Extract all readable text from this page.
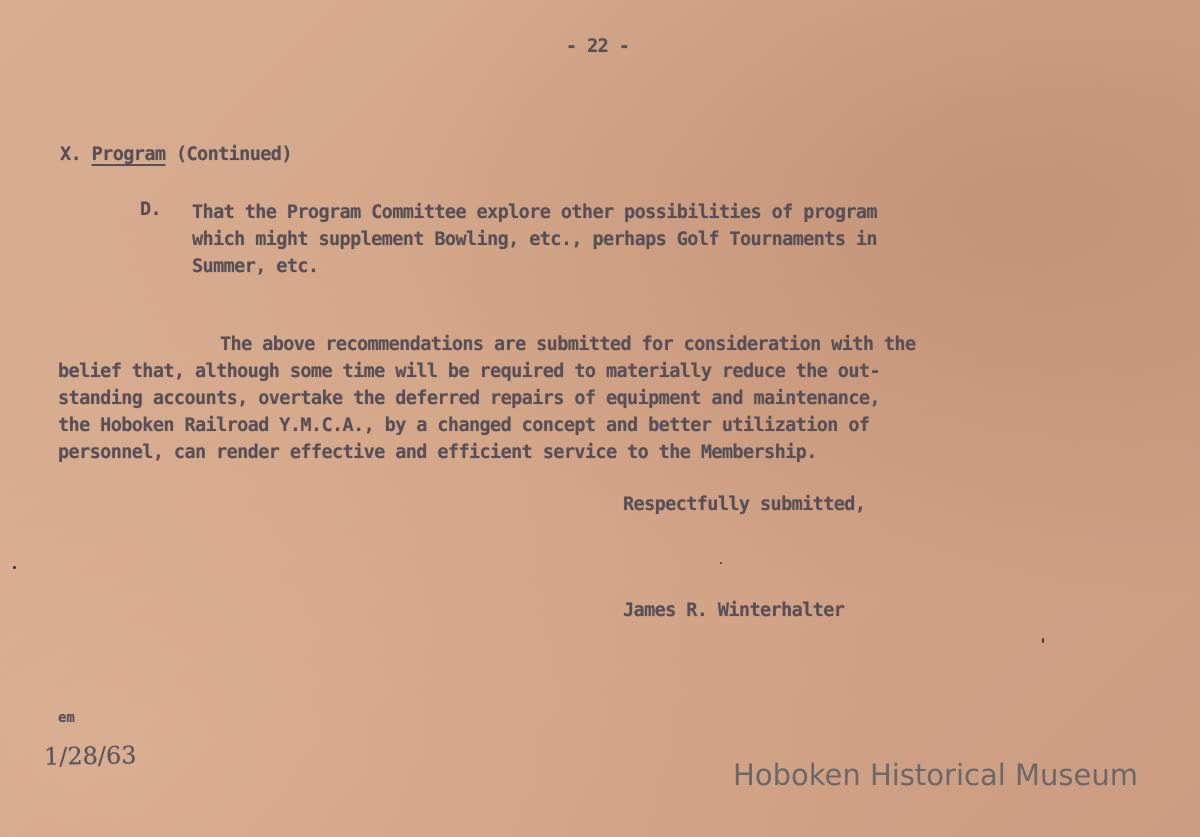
- 22 -
X. Program (Continued)
D. That the Program Committee explore other possibilities of program
which might supplement Bowling, etc., perhaps Golf Tournaments in
Summer, etc.
The above recommendations are submitted for consideration with the
belief that, although some time will be required to materially reduce the out-
standing accounts, overtake the deferred repairs of equipment and maintenance,
the Hoboken Railroad Y.M.C.A., by a changed concept and better utilization of
personnel, can render effective and efficient service to the Membership.
Respectfully submitted,
James R. Winterhalter
em
1/28/63
Hoboken Historical Museum
